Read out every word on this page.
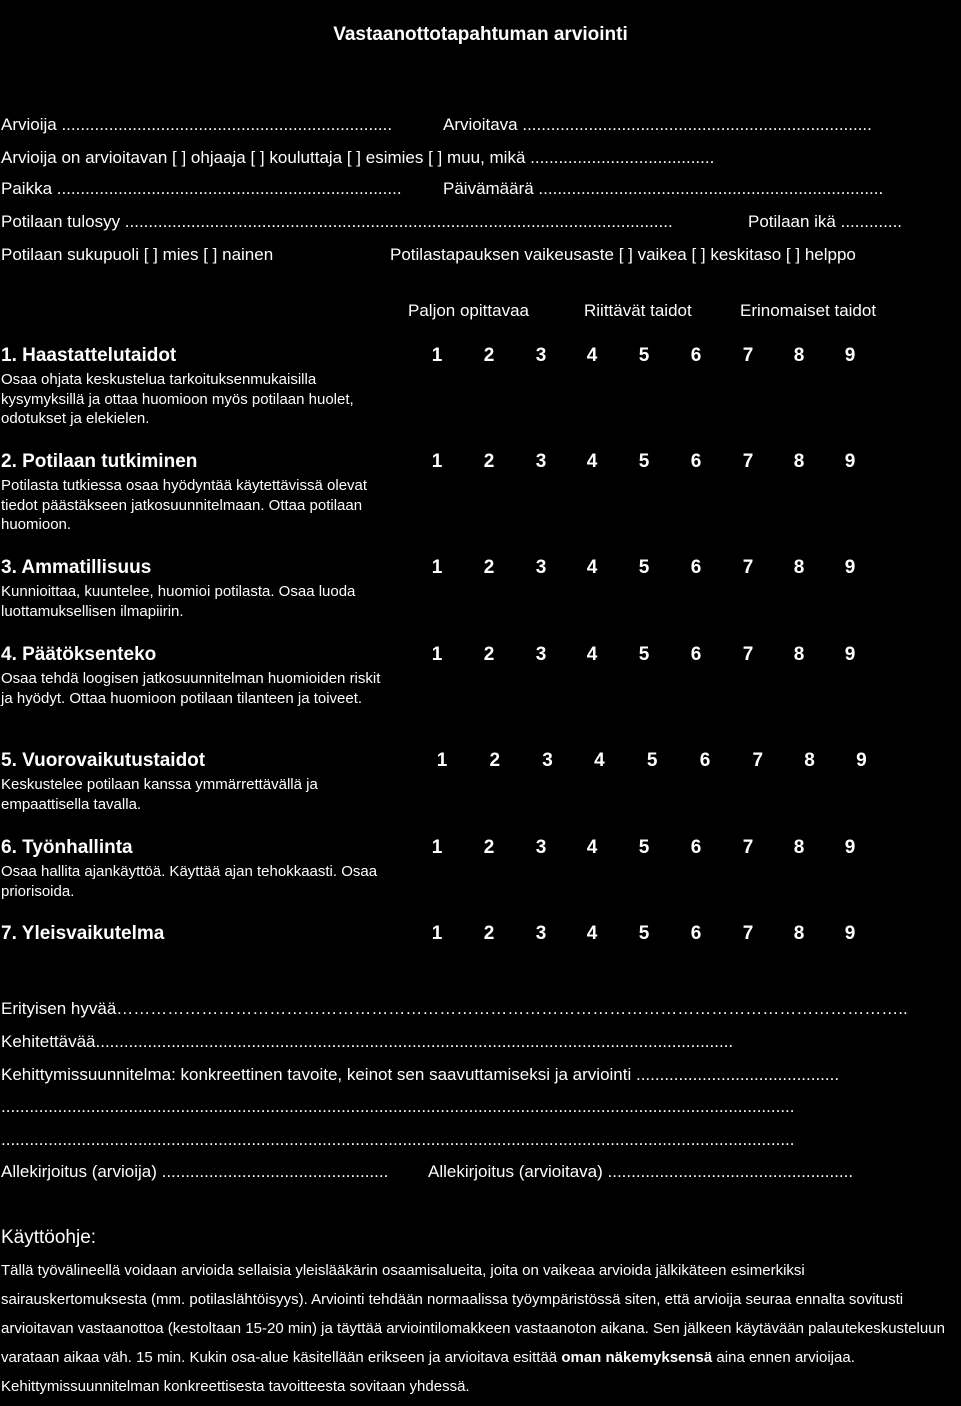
Vastaanottotapahtuman arviointi
Arvioija ......................................................................	Arvioitava ..........................................................................
Arvioija on arvioitavan [ ] ohjaaja [ ] kouluttaja [ ] esimies [ ] muu, mikä .......................................
Paikka ......................................................................... Päivämäärä .........................................................................
Potilaan tulosyy ....................................................................................................................	Potilaan ikä .............
Potilaan sukupuoli [ ] mies [ ] nainen	Potilastapauksen vaikeusaste [ ] vaikea [ ] keskitaso [ ] helppo
Paljon opittavaa	Riittävät taidot	Erinomaiset taidot
1. Haastattelutaidot
Osaa ohjata keskustelua tarkoituksenmukaisilla kysymyksillä ja ottaa huomioon myös potilaan huolet, odotukset ja elekielen.
1 2 3 4 5 6 7 8 9
2. Potilaan tutkiminen
Potilasta tutkiessa osaa hyödyntää käytettävissä olevat tiedot päästäkseen jatkosuunnitelmaan. Ottaa potilaan huomioon.
1 2 3 4 5 6 7 8 9
3. Ammatillisuus
Kunnioittaa, kuuntelee, huomioi potilasta. Osaa luoda luottamuksellisen ilmapiirin.
1 2 3 4 5 6 7 8 9
4. Päätöksenteko
Osaa tehdä loogisen jatkosuunnitelman huomioiden riskit ja hyödyt. Ottaa huomioon potilaan tilanteen ja toiveet.
1 2 3 4 5 6 7 8 9
5. Vuorovaikutustaidot
Keskustelee potilaan kanssa ymmärrettävällä ja empaattisella tavalla.
1 2 3 4 5 6 7 8 9
6. Työnhallinta
Osaa hallita ajankäyttöä. Käyttää ajan tehokkaasti. Osaa priorisoida.
1 2 3 4 5 6 7 8 9
7. Yleisvaikutelma	1 2 3 4 5 6 7 8 9
Erityisen hyvää…………………………………………………………………………………………………………………………..
Kehitettävää.......................................................................................................................................
Kehittymissuunnitelma: konkreettinen tavoite, keinot sen saavuttamiseksi ja arviointi ...........................................
........................................................................................................................................................................
........................................................................................................................................................................
Allekirjoitus (arvioija) ................................................ Allekirjoitus (arvioitava) ....................................................
Käyttöohje:
Tällä työvälineellä voidaan arvioida sellaisia yleislääkärin osaamisalueita, joita on vaikeaa arvioida jälkikäteen esimerkiksi sairauskertomuksesta (mm. potilaslähtöisyys). Arviointi tehdään normaalissa työympäristössä siten, että arvioija seuraa ennalta sovitusti arvioitavan vastaanottoa (kestoltaan 15-20 min) ja täyttää arviointilomakkeen vastaanoton aikana. Sen jälkeen käytävään palautekeskusteluun varataan aikaa väh. 15 min. Kukin osa-alue käsitellään erikseen ja arvioitava esittää oman näkemyksensä aina ennen arvioijaa. Kehittymissuunnitelman konkreettisesta tavoitteesta sovitaan yhdessä.
